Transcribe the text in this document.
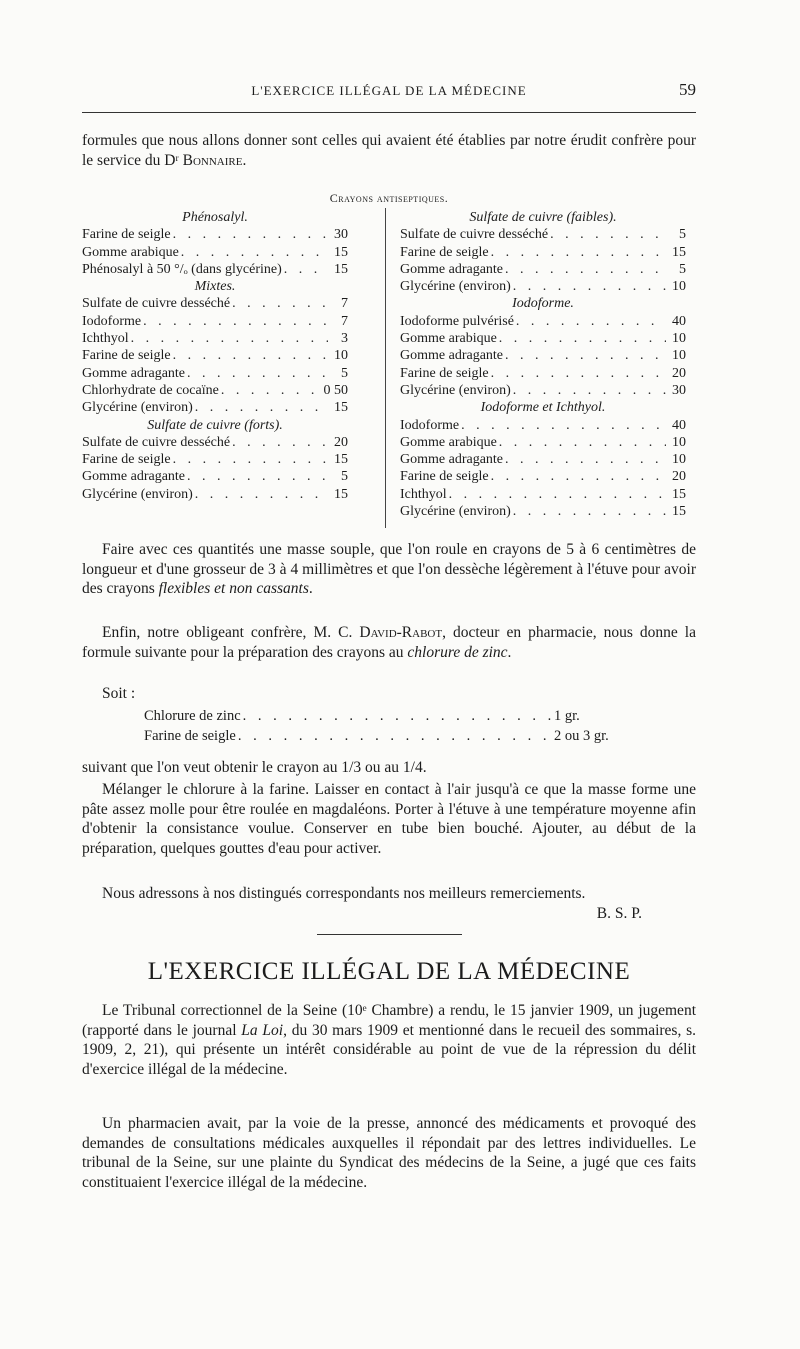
L'EXERCICE ILLÉGAL DE LA MÉDECINE	59

formules que nous allons donner sont celles qui avaient été établies par notre érudit confrère pour le service du Dʳ Bonnaire.

Crayons antiseptiques.
Phénosalyl.
Farine de seigle . . .	30
Gomme arabique . . .	15
Phénosalyl à 50 °/ₒ (dans glycérine) . . .	15
Mixtes.
Sulfate de cuivre desséché . . .	7
Iodoforme . . .	7
Ichthyol . . .	3
Farine de seigle . . .	10
Gomme adragante . . .	5
Chlorhydrate de cocaïne . . .	0 50
Glycérine (environ) . . .	15
Sulfate de cuivre (forts).
Sulfate de cuivre desséché . . .	20
Farine de seigle . . .	15
Gomme adragante . . .	5
Glycérine (environ) . . .	15
Sulfate de cuivre (faibles).
Sulfate de cuivre desséché . . .	5
Farine de seigle . . .	15
Gomme adragante . . .	5
Glycérine (environ) . . .	10
Iodoforme.
Iodoforme pulvérisé . . .	40
Gomme arabique . . .	10
Gomme adragante . . .	10
Farine de seigle . . .	20
Glycérine (environ) . . .	30
Iodoforme et Ichthyol.
Iodoforme . . .	40
Gomme arabique . . .	10
Gomme adragante . . .	10
Farine de seigle . . .	20
Ichthyol . . .	15
Glycérine (environ) . . .	15

Faire avec ces quantités une masse souple, que l'on roule en crayons de 5 à 6 centimètres de longueur et d'une grosseur de 3 à 4 millimètres et que l'on dessèche légèrement à l'étuve pour avoir des crayons flexibles et non cassants.

Enfin, notre obligeant confrère, M. C. David-Rabot, docteur en pharmacie, nous donne la formule suivante pour la préparation des crayons au chlorure de zinc.

Soit :

Chlorure de zinc . . .	1 gr.
Farine de seigle . . .	2 ou 3 gr.

suivant que l'on veut obtenir le crayon au 1/3 ou au 1/4.

Mélanger le chlorure à la farine. Laisser en contact à l'air jusqu'à ce que la masse forme une pâte assez molle pour être roulée en magdaléons. Porter à l'étuve à une température moyenne afin d'obtenir la consistance voulue. Conserver en tube bien bouché. Ajouter, au début de la préparation, quelques gouttes d'eau pour activer.

Nous adressons à nos distingués correspondants nos meilleurs remerciements.

B. S. P.
L'EXERCICE ILLÉGAL DE LA MÉDECINE

Le Tribunal correctionnel de la Seine (10ᵉ Chambre) a rendu, le 15 janvier 1909, un jugement (rapporté dans le journal La Loi, du 30 mars 1909 et mentionné dans le recueil des sommaires, s. 1909, 2, 21), qui présente un intérêt considérable au point de vue de la répression du délit d'exercice illégal de la médecine.

Un pharmacien avait, par la voie de la presse, annoncé des médicaments et provoqué des demandes de consultations médicales auxquelles il répondait par des lettres individuelles. Le tribunal de la Seine, sur une plainte du Syndicat des médecins de la Seine, a jugé que ces faits constituaient l'exercice illégal de la médecine.
